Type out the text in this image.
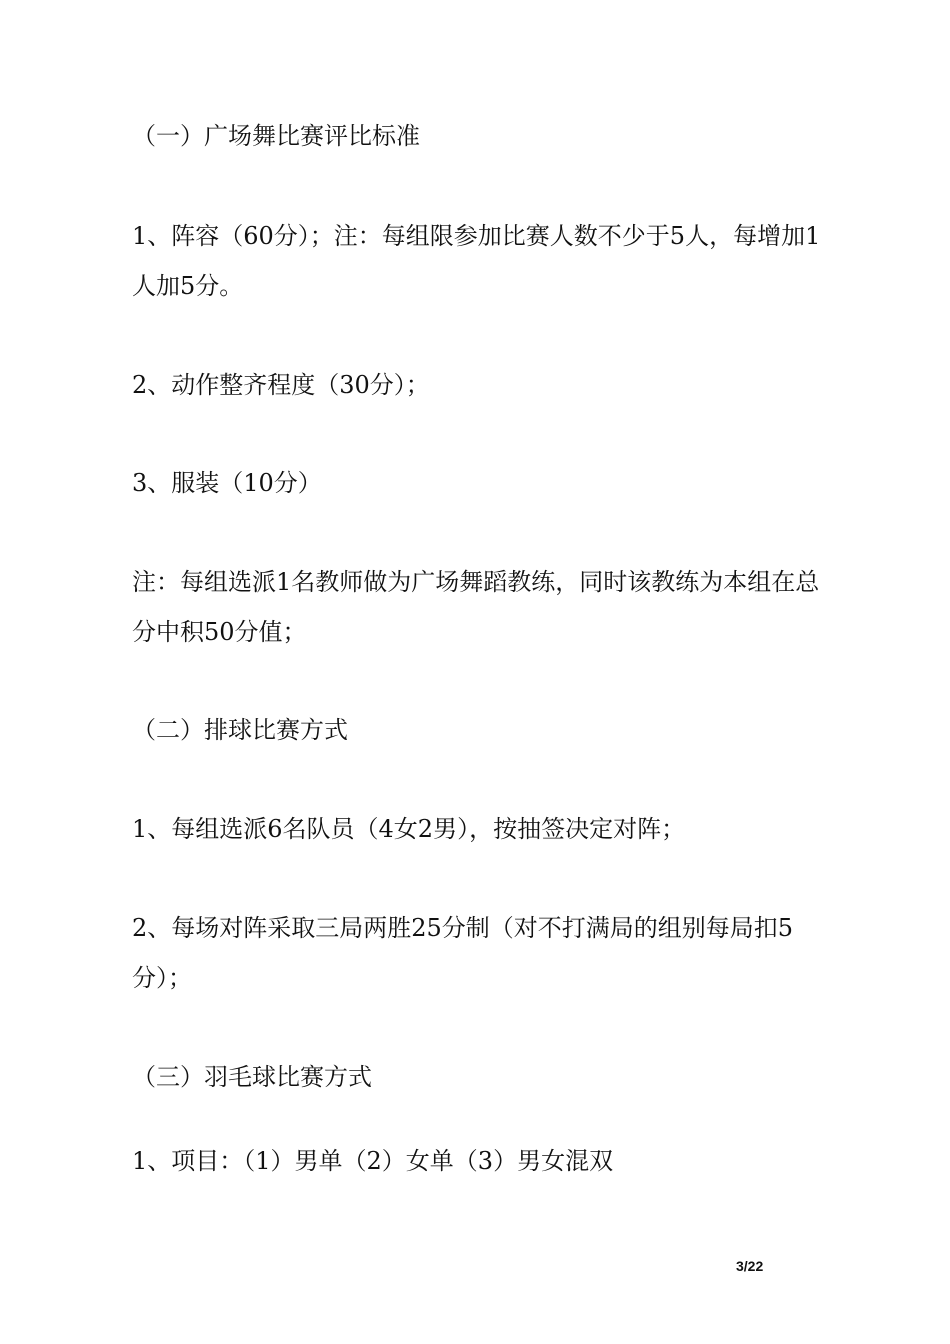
（一）广场舞比赛评比标准

1、阵容（60分）；注：每组限参加比赛人数不少于5人，每增加1人加5分。

2、动作整齐程度（30分）；

3、服装（10分）

注：每组选派1名教师做为广场舞蹈教练，同时该教练为本组在总分中积50分值；

（二）排球比赛方式

1、每组选派6名队员（4女2男），按抽签决定对阵；

2、每场对阵采取三局两胜25分制（对不打满局的组别每局扣5分）；

（三）羽毛球比赛方式

1、项目：（1）男单（2）女单（3）男女混双

3/22
